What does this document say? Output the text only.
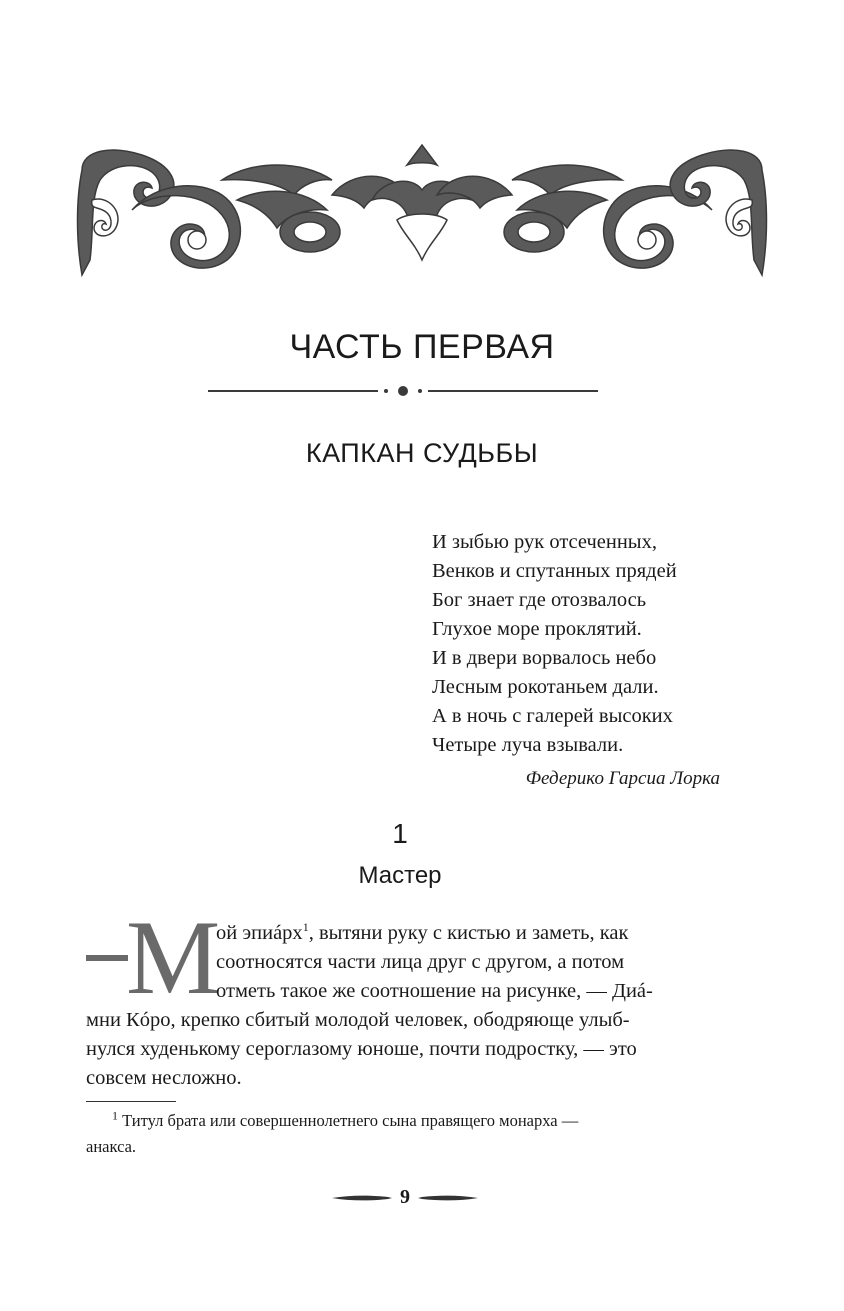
ЧАСТЬ ПЕРВАЯ
КАПКАН СУДЬБЫ
И зыбью рук отсеченных,
Венков и спутанных прядей
Бог знает где отозвалось
Глухое море проклятий.
И в двери ворвалось небо
Лесным рокотаньем дали.
А в ночь с галерей высоких
Четыре луча взывали.
Федерико Гарсиа Лорка
1
Мастер
М
ой эпиáрх$^1$, вытяни руку с кистью и заметь, как
соотносятся части лица друг с другом, а потом
отметь такое же соотношение на рисунке, — Диá-
мни Кóро, крепко сбитый молодой человек, ободряюще улыб-
нулся худенькому сероглазому юноше, почти подростку, — это
совсем несложно.
$^1$ Титул брата или совершеннолетнего сына правящего монарха —
анакса.
9
